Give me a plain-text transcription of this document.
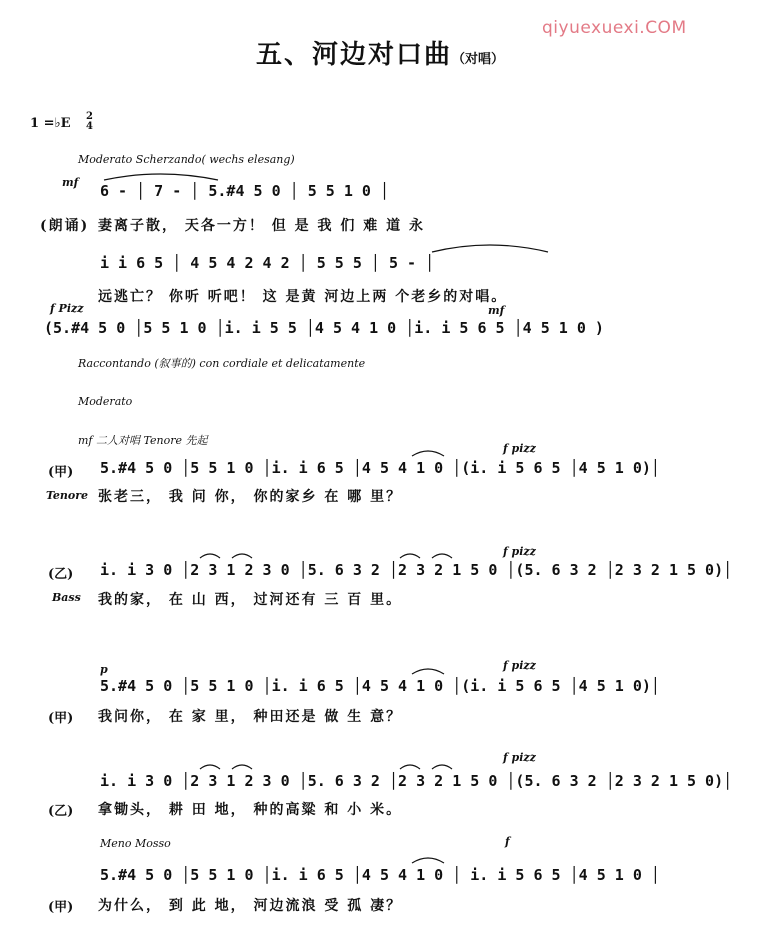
五、河边对口曲（对唱）
qiyuexuexi.COM
1 =♭E 2
4
Moderato Scherzando( wechs elesang)
mf 6 - │ 7 - │ 5.#4 5 0 │ 5 5 1 0 │
(朗诵) 妻离子散， 天各一方！ 但 是 我 们 难 道 永
i i 6 5 │ 4 5 4 2 4 2 │ 5 5 5 │ 5 - │
远逃亡？ 你听 听吧！ 这 是黄 河边上两 个老乡的对唱。
f Pizz	mf
(5.#4 5 0 │5 5 1 0 │i. i 5 5 │4 5 4 1 0 │i. i 5 6 5 │4 5 1 0 )
Raccontando (叙事的) con cordiale et delicatamente
Moderato
mf 二人对唱 Tenore 先起
f pizz
(甲) 5.#4 5 0 │5 5 1 0 │i. i 6 5 │4 5 4 1 0 │(i. i 5 6 5 │4 5 1 0)│
Tenore 张老三， 我 问 你， 你的家乡 在 哪 里？
f pizz
(乙) i. i 3 0 │2 3 1 2 3 0 │5. 6 3 2 │2 3 2 1 5 0 │(5. 6 3 2 │2 3 2 1 5 0)│
Bass 我的家， 在 山 西， 过河还有 三 百 里。
p	f pizz
5.#4 5 0 │5 5 1 0 │i. i 6 5 │4 5 4 1 0 │(i. i 5 6 5 │4 5 1 0)│
(甲) 我问你， 在 家 里， 种田还是 做 生 意？
f pizz
i. i 3 0 │2 3 1 2 3 0 │5. 6 3 2 │2 3 2 1 5 0 │(5. 6 3 2 │2 3 2 1 5 0)│
(乙) 拿锄头， 耕 田 地， 种的高粱 和 小 米。
Meno Mosso	f
5.#4 5 0 │5 5 1 0 │i. i 6 5 │4 5 4 1 0 │ i. i 5 6 5 │4 5 1 0 │
(甲) 为什么， 到 此 地， 河边流浪 受 孤 凄？
